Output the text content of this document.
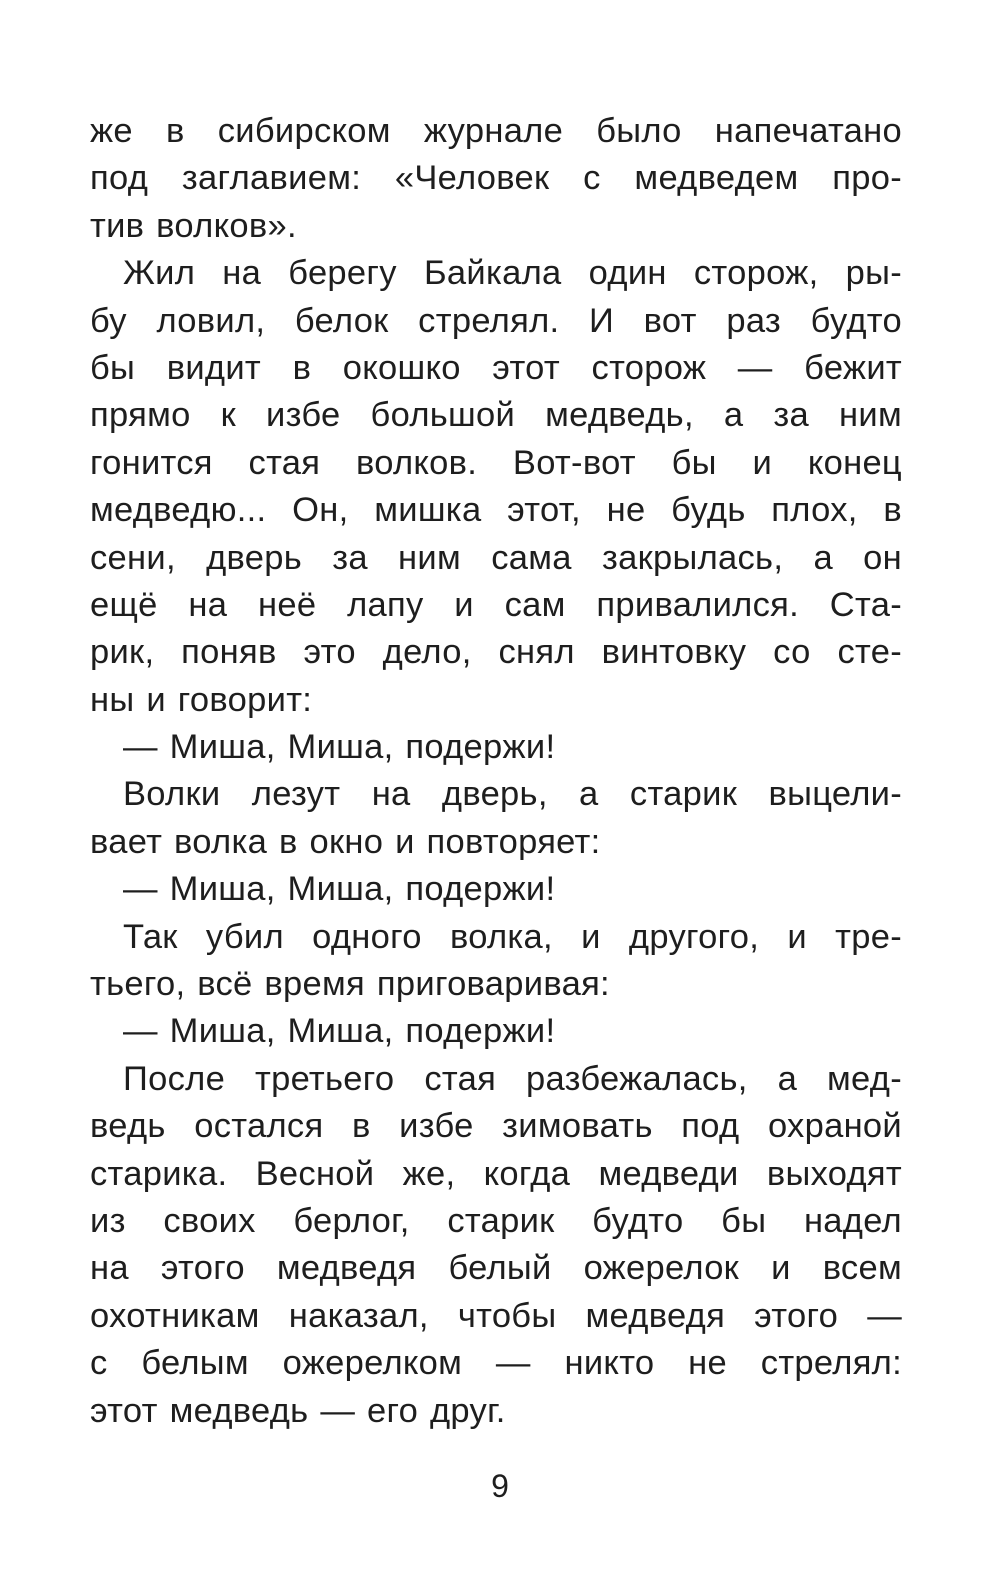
же в сибирском журнале было напечатано
под заглавием: «Человек с медведем про-
тив волков».
Жил на берегу Байкала один сторож, ры-
бу ловил, белок стрелял. И вот раз будто
бы видит в окошко этот сторож — бежит
прямо к избе большой медведь, а за ним
гонится стая волков. Вот-вот бы и конец
медведю... Он, мишка этот, не будь плох, в
сени, дверь за ним сама закрылась, а он
ещё на неё лапу и сам привалился. Ста-
рик, поняв это дело, снял винтовку со сте-
ны и говорит:
— Миша, Миша, подержи!
Волки лезут на дверь, а старик выцели-
вает волка в окно и повторяет:
— Миша, Миша, подержи!
Так убил одного волка, и другого, и тре-
тьего, всё время приговаривая:
— Миша, Миша, подержи!
После третьего стая разбежалась, а мед-
ведь остался в избе зимовать под охраной
старика. Весной же, когда медведи выходят
из своих берлог, старик будто бы надел
на этого медведя белый ожерелок и всем
охотникам наказал, чтобы медведя этого —
с белым ожерелком — никто не стрелял:
этот медведь — его друг.
9
